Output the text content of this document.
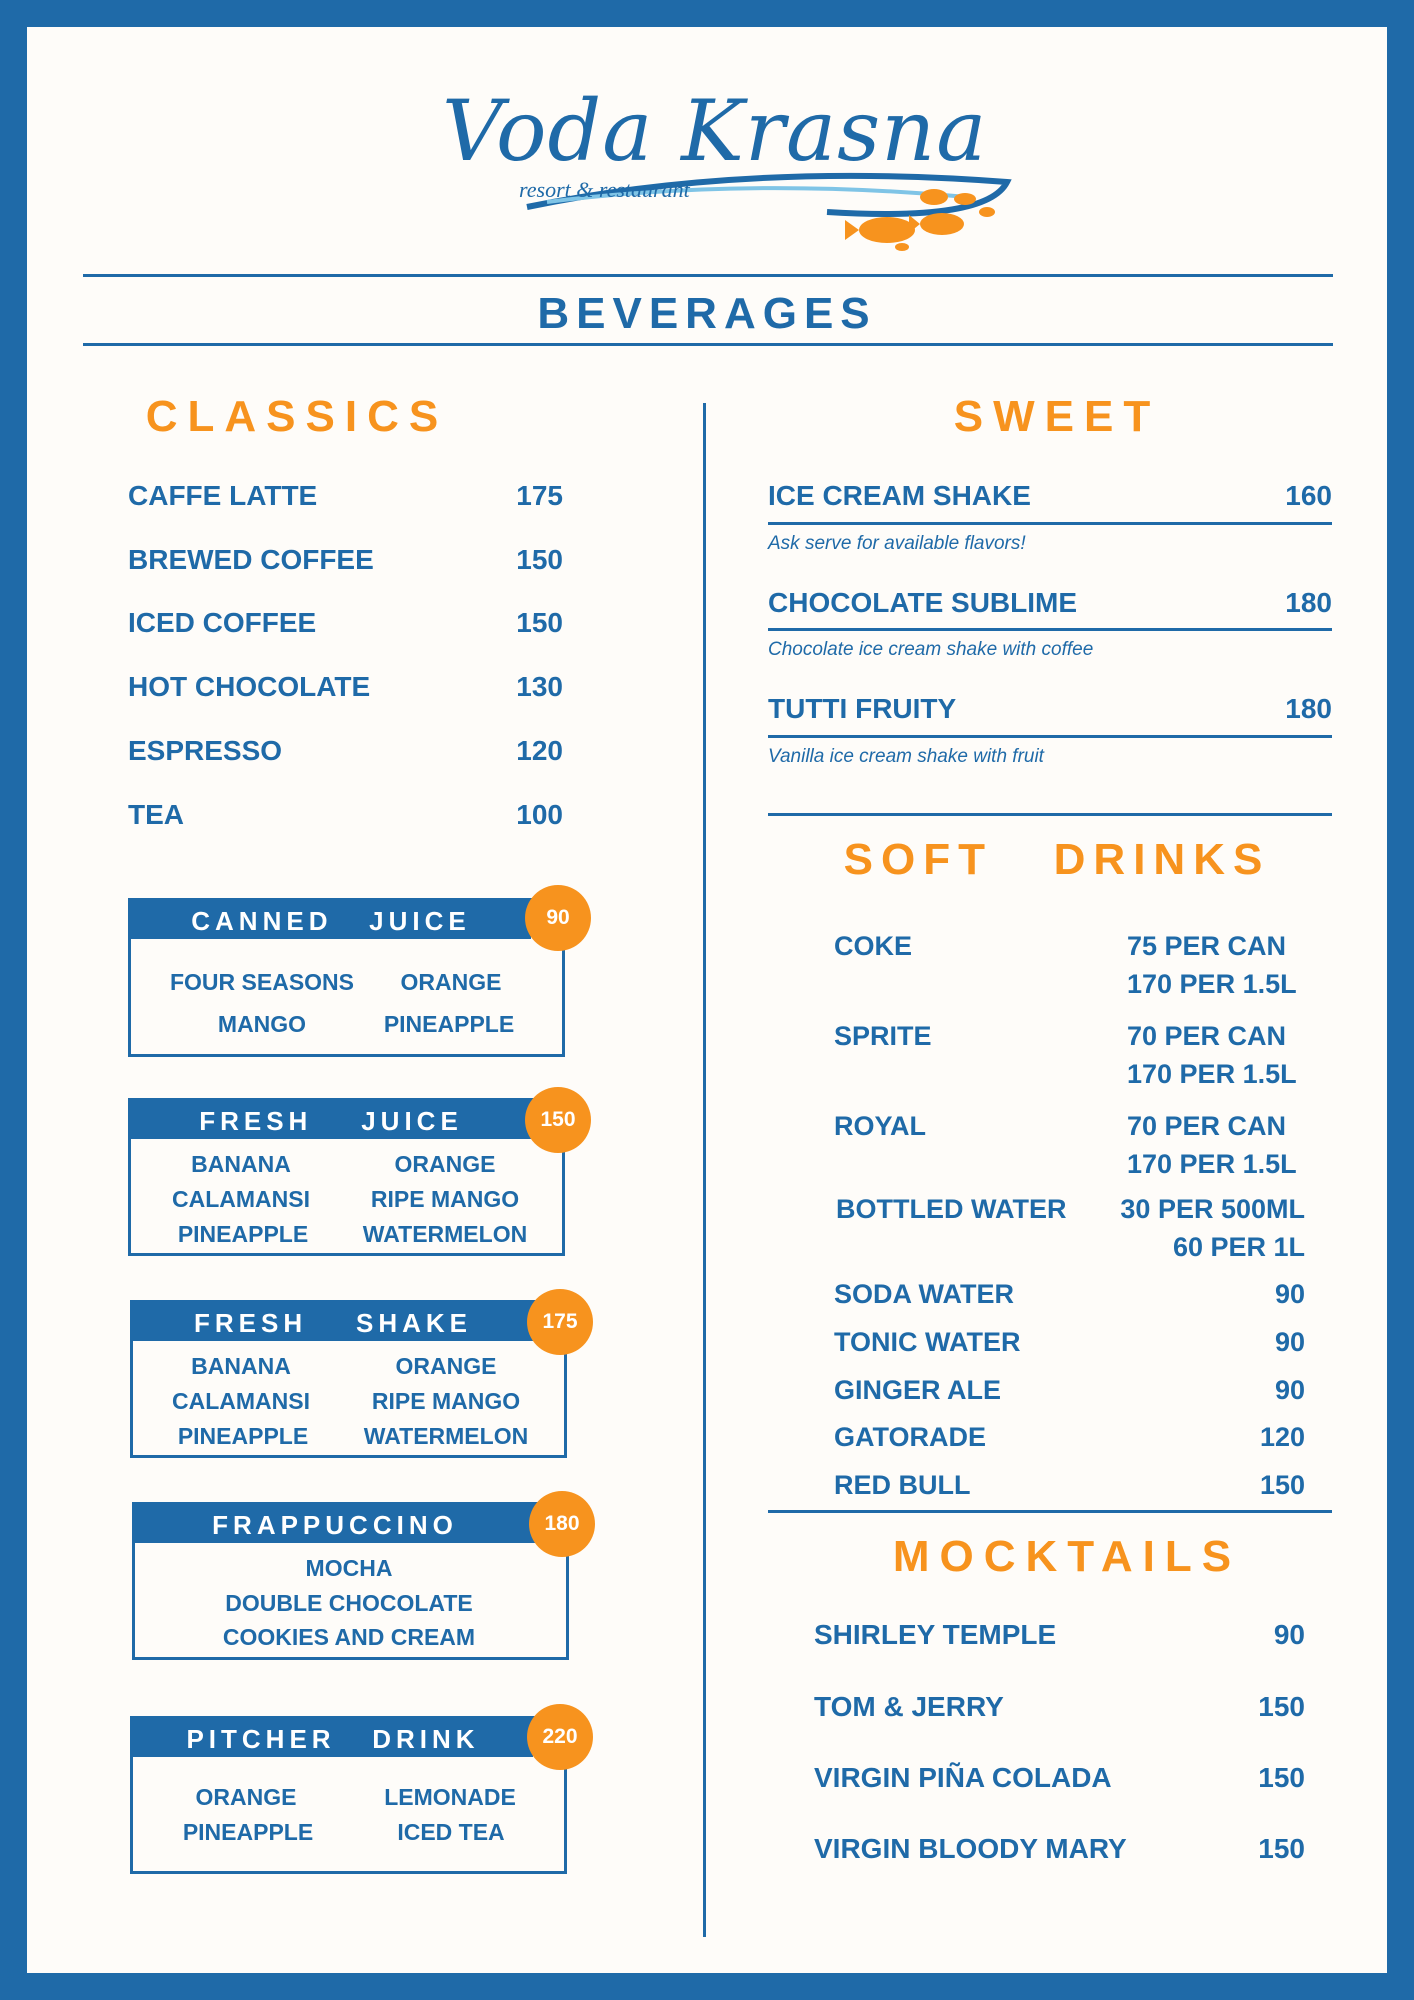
Voda Krasna
resort & restaurant
BEVERAGES
CLASSICS
CAFFE LATTE	175
BREWED COFFEE	150
ICED COFFEE	150
HOT CHOCOLATE	130
ESPRESSO	120
TEA	100
CANNED   JUICE
FOUR SEASONS ORANGE
MANGO	PINEAPPLE
90
FRESH    JUICE
BANANA	ORANGE
CALAMANSI	RIPE MANGO
PINEAPPLE WATERMELON
150
FRESH    SHAKE
BANANA	ORANGE
CALAMANSI	RIPE MANGO
PINEAPPLE WATERMELON
175
FRAPPUCCINO
MOCHA
DOUBLE CHOCOLATE
COOKIES AND CREAM
180
PITCHER   DRINK
ORANGE	LEMONADE
PINEAPPLE	ICED TEA
220
SWEET
ICE CREAM SHAKE	160
Ask serve for available flavors!
CHOCOLATE SUBLIME	180
Chocolate ice cream shake with coffee
TUTTI FRUITY	180
Vanilla ice cream shake with fruit
SOFT   DRINKS
COKE	75 PER CAN
170 PER 1.5L
SPRITE	70 PER CAN
170 PER 1.5L
ROYAL	70 PER CAN
170 PER 1.5L
BOTTLED WATER	30 PER 500ML
60 PER 1L
SODA WATER	90
TONIC WATER	90
GINGER ALE	90
GATORADE	120
RED BULL	150
MOCKTAILS
SHIRLEY TEMPLE	90
TOM & JERRY	150
VIRGIN PIÑA COLADA	150
VIRGIN BLOODY MARY	150
